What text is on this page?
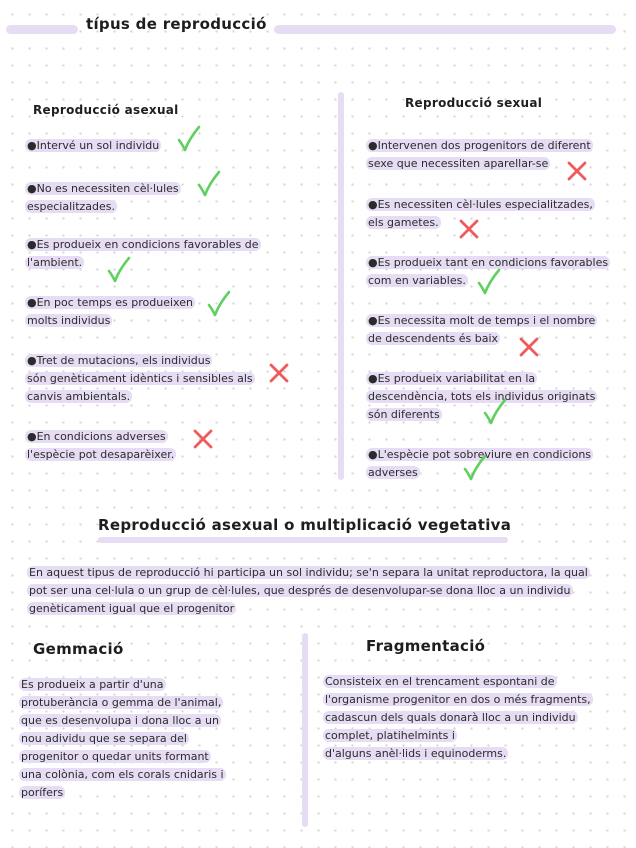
típus de reproducció
Reproducció asexual
●Intervé un sol individu
●No es necessiten cèl·lules
especialitzades.
●Es produeix en condicions favorables de
l'ambient.
●En poc temps es produeixen
molts individus
●Tret de mutacions, els individus
són genèticament idèntics i sensibles als
canvis ambientals.
●En condicions adverses
l'espècie pot desaparèixer.
Reproducció sexual
●Intervenen dos progenitors de diferent
sexe que necessiten aparellar-se
●Es necessiten cèl·lules especialitzades,
els gametes.
●Es produeix tant en condicions favorables
com en variables.
●Es necessita molt de temps i el nombre
de descendents és baix
●Es produeix variabilitat en la
descendència, tots els individus originats
són diferents
●L'espècie pot sobreviure en condicions
adverses
Reproducció asexual o multiplicació vegetativa
En aquest tipus de reproducció hi participa un sol individu; se'n separa la unitat reproductora, la qual
pot ser una cel·lula o un grup de cèl·lules, que després de desenvolupar-se dona lloc a un individu
genèticament igual que el progenitor
Gemmació
Es produeix a partir d'una
protuberància o gemma de l'animal,
que es desenvolupa i dona lloc a un
nou adividu que se separa del
progenitor o quedar units formant
una colònia, com els corals cnidaris i
porífers
Fragmentació
Consisteix en el trencament espontani de
l'organisme progenitor en dos o més fragments,
cadascun dels quals donarà lloc a un individu
complet, platihelmints i
d'alguns anèl·lids i equinoderms.
